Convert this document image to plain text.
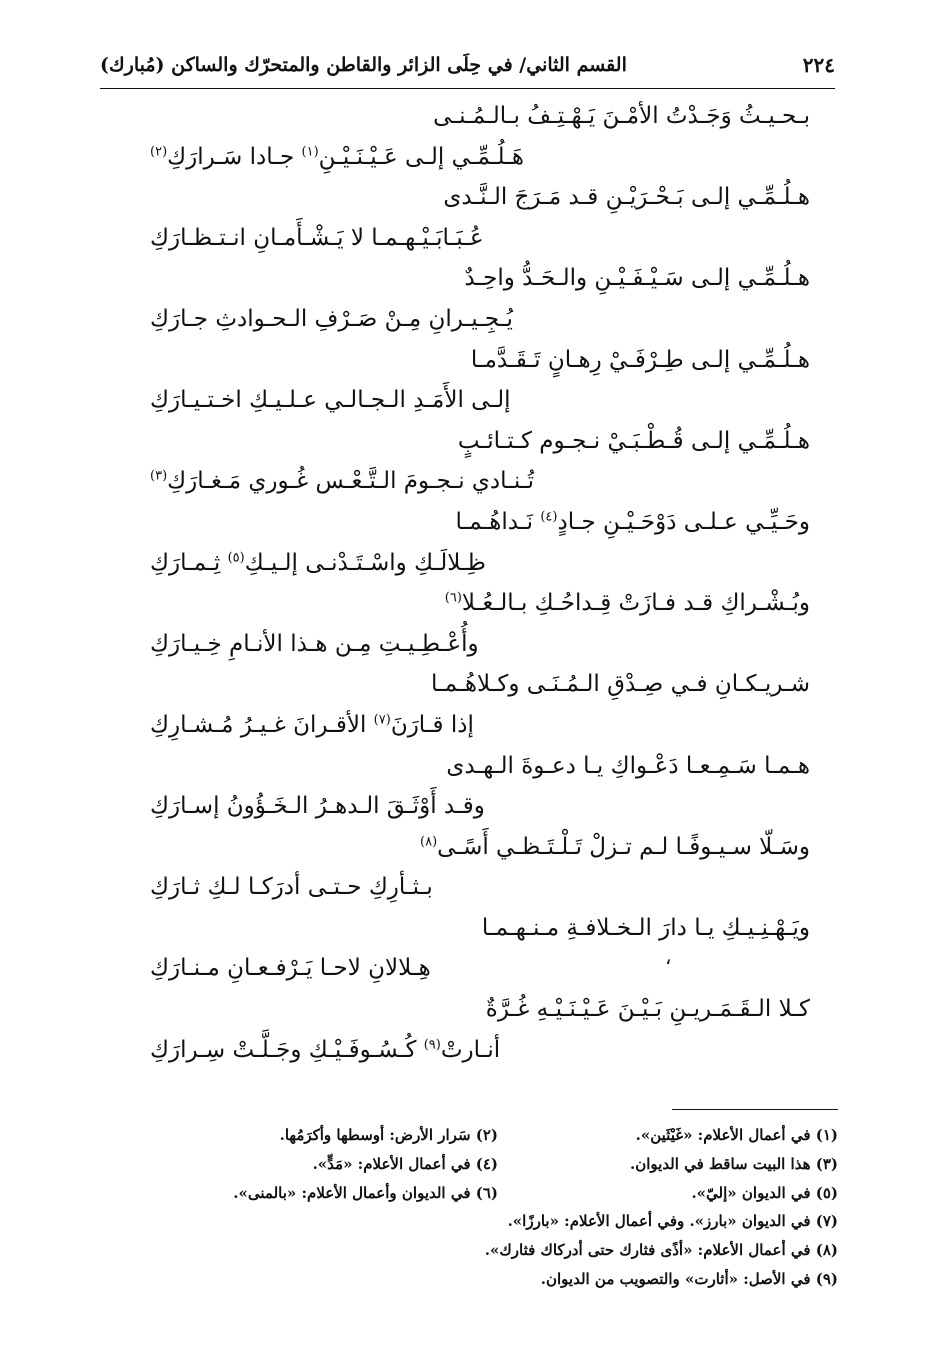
٢٢٤
القسم الثاني/ في حِلَى الزائر والقاطن والمتحرّك والساكن (مُبارك)
بـحـيـثُ وَجَـدْتُ الأمْـنَ يَـهْـتِـفُ بـالـمُـنـى
هَـلُـمِّـي إلـى عَـيْـنَـيْـنِ$^{(١)}$ جـادا سَـرارَكِ$^{(٢)}$
هـلُـمِّـي إلـى بَـحْـرَيْـنِ قـد مَـرَجَ الـنَّـدى
عُـبَـابَـيْـهـمـا لا يَـشْـأَمـانِ انـتـظـارَكِ
هـلُـمِّـي إلـى سَـيْـفَـيْـنِ والـحَـدُّ واحِـدٌ
يُـجِـيـرانِ مِـنْ صَـرْفِ الـحـوادثِ جـارَكِ
هـلُـمِّـي إلـى طِـرْفَـيْ رِهـانٍ تَـقَـدَّمـا
إلـى الأَمَـدِ الـجـالـي عـلـيـكِ اخـتـيـارَكِ
هـلُـمِّـي إلـى قُـطْـبَـيْ نـجـوم كـتـائـبٍ
تُـنـادي نـجـومَ الـتَّـعْـس غُـوري مَـغـارَكِ$^{(٣)}$
وحَـيِّـي عـلـى دَوْحَـيْـنِ جـادٍ$^{(٤)}$ نَـداهُـمـا
ظِـلالَـكِ واسْـتَـدْنـى إلـيـكِ$^{(٥)}$ ثِـمـارَكِ
وبُـشْـراكِ قـد فـازَتْ قِـداحُـكِ بـالـعُـلا$^{(٦)}$
وأُعْـطِـيـتِ مِـن هـذا الأنـامِ خِـيـارَكِ
شـريـكـانِ فـي صِـدْقِ الـمُـنَـى وكـلاهُـمـا
إذا قـارَنَ$^{(٧)}$ الأقـرانَ غـيـرُ مُـشـارِكِ
هـمـا سَـمِـعـا دَعْـواكِ يـا دعـوةَ الـهـدى
وقـد أَوْثَـقَ الـدهـرُ الـخَـؤُونُ إسـارَكِ
وسَـلّا سـيـوفًـا لـم تـزلْ تَـلْـتَـظـي أَسًـى$^{(٨)}$
بـثـأرِكِ حـتـى أدرَكـا لـكِ ثـارَكِ
ويَـهْـنِـيـكِ يـا دارَ الـخـلافـةِ مـنـهـمـا
هِـلالانِ لاحـا يَـرْفـعـانِ مـنـارَكِ
كـلا الـقَـمَـريـنِ بَـيْـنَ عَـيْـنَـيْـهِ غُـرَّةٌ
أنـارتْ$^{(٩)}$ كُـسُـوفَـيْـكِ وجَـلَّـتْ سِـرارَكِ
،
(١) في أعمال الأعلام: «غَيْثَين».
(٢) سَرار الأرض: أوسطها وأكرَمُها.
(٣) هذا البيت ساقط في الديوان.
(٤) في أعمال الأعلام: «مَدٍّ».
(٥) في الديوان «إليّ».
(٦) في الديوان وأعمال الأعلام: «بالمنى».
(٧) في الديوان «بارز». وفي أعمال الأعلام: «بارزًا».
(٨) في أعمال الأعلام: «أذًى فثارك حتى أدركاك فثارك».
(٩) في الأصل: «أثارت» والتصويب من الديوان.
